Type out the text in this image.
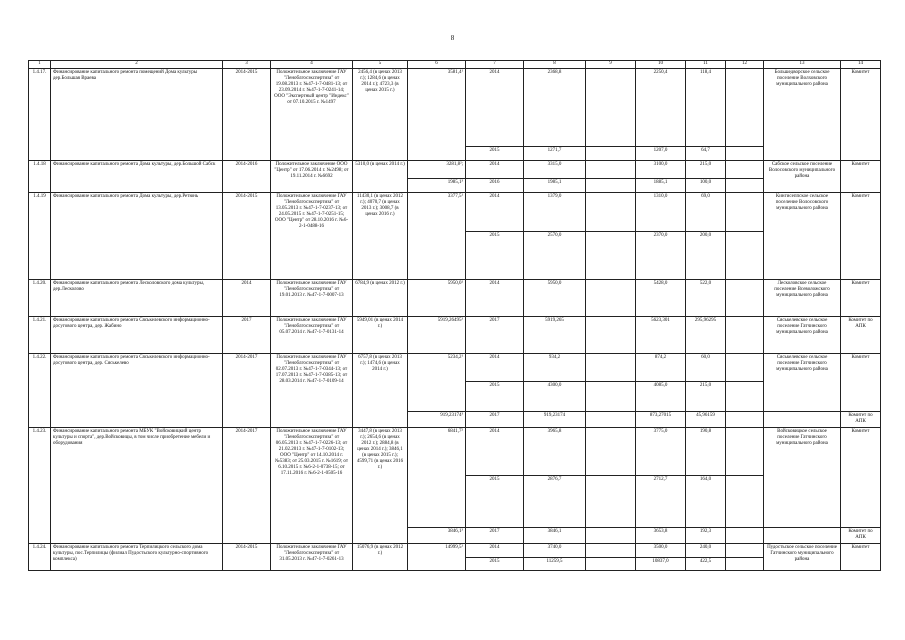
8
1	2	3	4	5	6	7	8	9	10	11	12	13	14
1.4.17.	Финансирование капитального ремонта помещений Дома культуры дер.Большая Враева	2014-2015	Положительное заключение ГАУ "Леноблгосэкспертиза" от 19.08.2013 г. №47-1-7-0481-13; от 23.09.2014 г. №47-1-7-0241-14; ООО "Экспертный центр "Индекс" от 07.10.2015 г. №1497	2456,4 (в ценах 2013 г.); 1284,6 (в ценах 2014 г.); 4723,3 (в ценах 2015 г.)	3581,4¹	2014	2368,8		2250,4	118,4		Большедворское сельское поселение Волховского муниципального района	Комитет
						2015	1271,7		1207,0	64,7			
1.4.18	Финансирование капитального ремонта Дома культуры, дер.Большой Сабск	2014-2016	Положительное заключение ООО "Центр" от 17.06.2014 г. №2498; от 19.11.2014 г. №6692	5310,0 (в ценах 2014 г.)	3281,8²;	2014	3315,0		3100,0	215,0		Сабское сельское поселение Волосовского муниципального района	Комитет
					1985,1³	2016	1985,1		1885,1	100,0			
1.4.19	Финансирование капитального ремонта Дома культуры, дер.Ретюнь	2014-2015	Положительное заключение ГАУ "Леноблгосэкспертиза" от 13.05.2013 г. №47-1-7-0237-13; от 24.05.2015 г. №47-1-7-0251-15; ООО "Центр" от 28.10.2016 г. №6-2-1-0488-16	11430,1 (в ценах 2012 г.); 4070,7 (в ценах 2013 г.); 3008,7 (в ценах 2016 г.)	3377,5¹	2014	1379,0		1310,0	69,0		Кингисеппское сельское поселение Волосовского муниципального района	Комитет
						2015	2570,0		2370,0	200,0			
1.4.20.	Финансирование капитального ремонта Лесколовского дома культуры, дер.Лесколово	2014	Положительное заключение ГАУ "Леноблгосэкспертиза" от 19.01.2013 г. №47-1-7-0007-13	6784,9 (в ценах 2012 г.)	5950,0¹	2014	5950,0		5428,0	522,0		Лесколовское сельское поселение Всеволожского муниципального района	Комитет
1.4.21.	Финансирование капитального ремонта Сяськелевского информационно-досугового центра, дер. Жабино	2017	Положительное заключение ГАУ "Леноблгосэкспертиза" от 05.07.2014 г. №47-1-7-0131-14	5949,01 (в ценах 2014 г.)	5919,26495³	2017	5919,265		5623,301	295,96295		Сяськелевское сельское поселение Гатчинского муниципального района	Комитет по АПК
1.4.22.	Финансирование капитального ремонта Сяськелевского информационно-досугового центра, дер. Сяськелево	2014-2017	Положительное заключение ГАУ "Леноблгосэкспертиза" от 02.07.2013 г. №47-1-7-0344-13; от 17.07.2013 г. №47-1-7-0385-13; от 28.03.2014 г. №47-1-7-0109-14	6757,8 (в ценах 2013 г.); 1474,6 (в ценах 2014 г.)	5234,2¹	2014	934,2		874,2	60,0		Сяськелевское сельское поселение Гатчинского муниципального района	Комитет
						2015	4300,0		4085,0	215,0			
					919,23174³	2017	919,23174		873,27015	45,96159			Комитет по АПК
1.4.23.	Финансирование капитального ремонта МБУК "Войсковицкий центр культуры и спорта", дер.Войсковицы, в том числе приобретение мебели и оборудования	2014-2017	Положительное заключение ГАУ "Леноблгосэкспертиза" от 06.05.2013 г. №47-1-7-0226-13; от 21.02.2013 г. №47-1-7-0102-13; ООО "Центр" от 14.10.2014 г. №5383; от 25.03.2015 г. №1619; от 6.10.2015 г. №6-2-1-0738-15; от 17.11.2016 г. №6-2-1-0505-16	3447,8 (в ценах 2013 г.); 2654,6 (в ценах 2012 г.); 2884,8 (в ценах 2014 г.); 3846,1 (в ценах 2015 г.); 4599,71 (в ценах 2016 г.)	6841,7²	2014	3965,8		3775,0	190,8		Войсковицкое сельское поселение Гатчинского муниципального района	Комитет
						2015	2876,7		2712,7	164,0			
					3846,1³	2017	3846,1		3653,8	192,3			Комитет по АПК
1.4.24.	Финансирование капитального ремонта Терпилицкого сельского дома культуры, пос.Терпилицы (филиал Пудостьского культурно-спортивного комплекса)	2014-2015	Положительное заключение ГАУ "Леноблгосэкспертиза" от 31.05.2013 г. №47-1-7-0261-13	15076,9 (в ценах 2012 г.)	14999,5¹	2014	3740,0		3500,0	240,0		Пудостьское сельское поселение Гатчинского муниципального района	Комитет
						2015	11259,5		10837,0	422,5			
